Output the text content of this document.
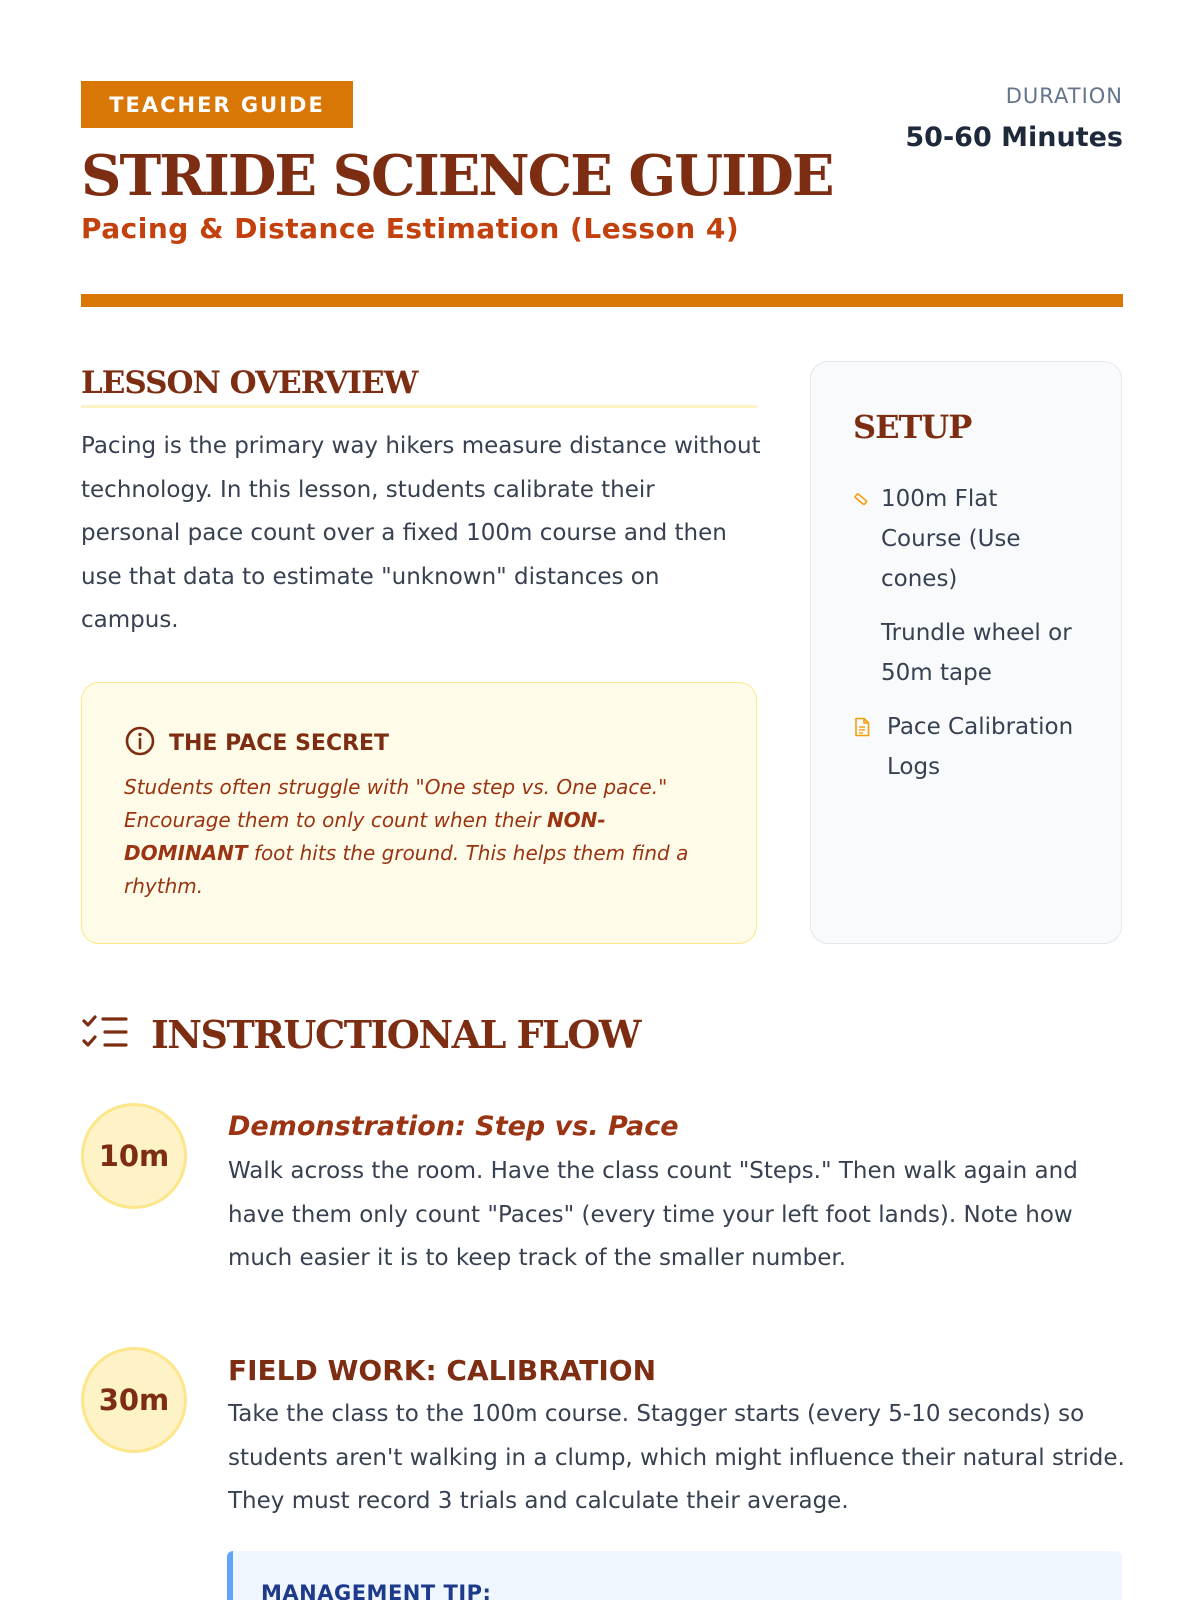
TEACHER GUIDE
STRIDE SCIENCE GUIDE
Pacing & Distance Estimation (Lesson 4)
DURATION
50-60 Minutes
LESSON OVERVIEW

Pacing is the primary way hikers measure distance without technology. In this lesson, students calibrate their personal pace count over a fixed 100m course and then use that data to estimate "unknown" distances on campus.

THE PACE SECRET

Students often struggle with "One step vs. One pace." Encourage them to only count when their NON-DOMINANT foot hits the ground. This helps them find a rhythm.

SETUP
100m Flat Course (Use cones)
Trundle wheel or 50m tape
Pace Calibration Logs
INSTRUCTIONAL FLOW
10m
Demonstration: Step vs. Pace

Walk across the room. Have the class count "Steps." Then walk again and have them only count "Paces" (every time your left foot lands). Note how much easier it is to keep track of the smaller number.

30m
FIELD WORK: CALIBRATION

Take the class to the 100m course. Stagger starts (every 5-10 seconds) so students aren't walking in a clump, which might influence their natural stride. They must record 3 trials and calculate their average.

MANAGEMENT TIP:
